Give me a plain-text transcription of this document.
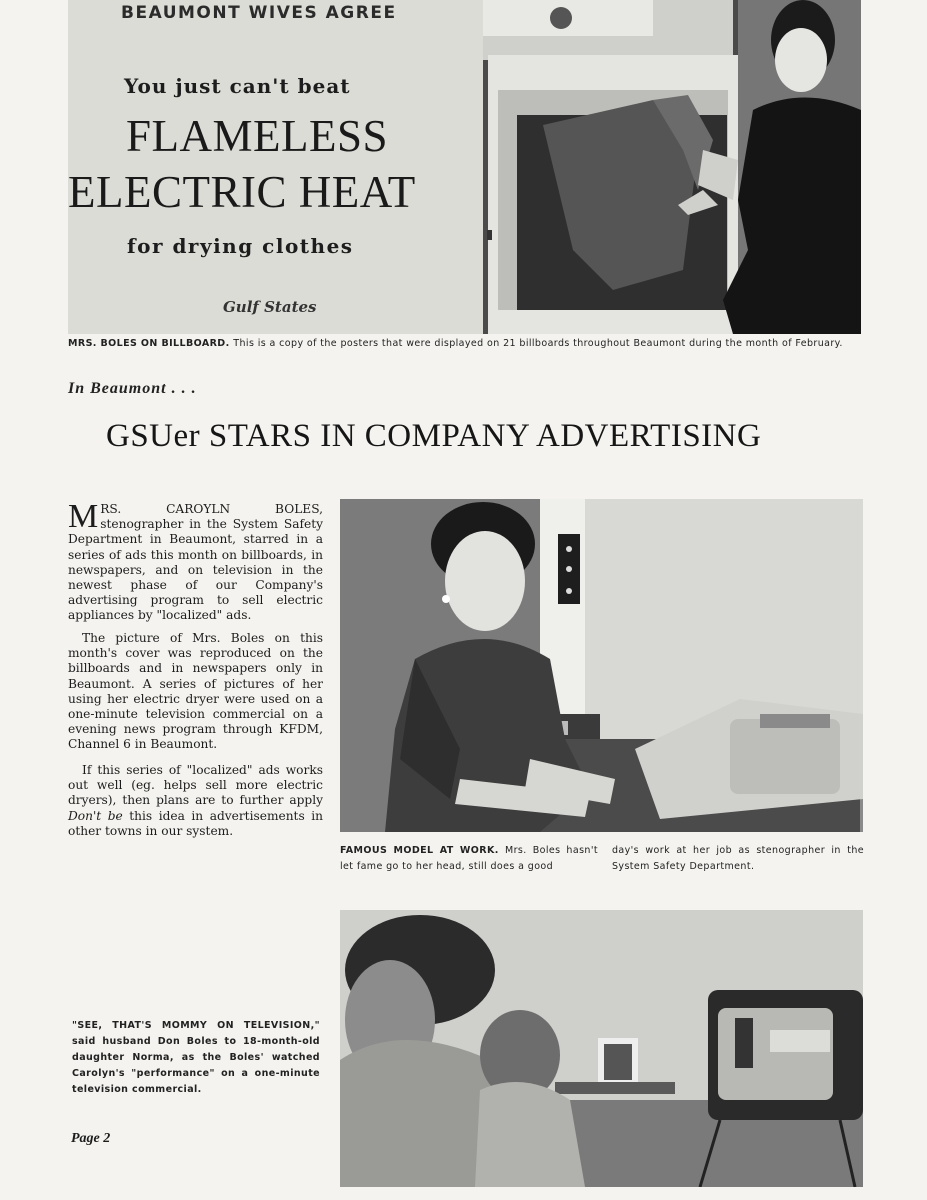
BEAUMONT WIVES AGREE
You just can't beat
FLAMELESS
ELECTRIC HEAT
for drying clothes
Gulf States
MRS. BOLES ON BILLBOARD. This is a copy of the posters that were displayed on 21 billboards throughout Beaumont during the month of February.
In Beaumont . . .
GSUer STARS IN COMPANY ADVERTISING
MRS. CAROYLN BOLES, stenographer in the System Safety Department in Beaumont, starred in a series of ads this month on billboards, in newspapers, and on television in the newest phase of our Company's advertising program to sell electric appliances by "localized" ads.
The picture of Mrs. Boles on this month's cover was reproduced on the billboards and in newspapers only in Beaumont. A series of pictures of her using her electric dryer were used on a one-minute television commercial on a evening news program through KFDM, Channel 6 in Beaumont.
If this series of "localized" ads works out well (eg. helps sell more electric dryers), then plans are to further apply Don't be this idea in advertisements in other towns in our system.
FAMOUS MODEL AT WORK. Mrs. Boles hasn't let fame go to her head, still does a good
day's work at her job as stenographer in the System Safety Department.
"SEE, THAT'S MOMMY ON TELEVISION," said husband Don Boles to 18-month-old daughter Norma, as the Boles' watched Carolyn's "performance" on a one-minute television commercial.
Page 2
